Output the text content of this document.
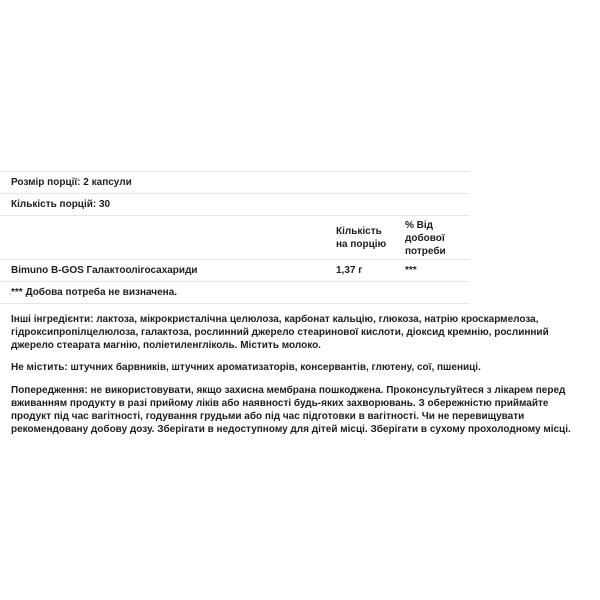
Розмір порції: 2 капсули		
Кількість порцій: 30		
	Кількість на порцію	% Від добової потреби
Bimuno B-GOS Галактоолігосахариди	1,37 г	***
*** Добова потреба не визначена.		

Інші інгредієнти: лактоза, мікрокристалічна целюлоза, карбонат кальцію, глюкоза, натрію кроскармелоза, гідроксипропілцелюлоза, галактоза, рослинний джерело стеаринової кислоти, діоксид кремнію, рослинний джерело стеарата магнію, поліетиленгліколь. Містить молоко.

Не містить: штучних барвників, штучних ароматизаторів, консервантів, глютену, сої, пшениці.

Попередження: не використовувати, якщо захисна мембрана пошкоджена. Проконсультуйтеся з лікарем перед вживанням продукту в разі прийому ліків або наявності будь-яких захворювань. З обережністю приймайте продукт під час вагітності, годування грудьми або під час підготовки в вагітності. Чи не перевищувати рекомендовану добову дозу. Зберігати в недоступному для дітей місці. Зберігати в сухому прохолодному місці.
